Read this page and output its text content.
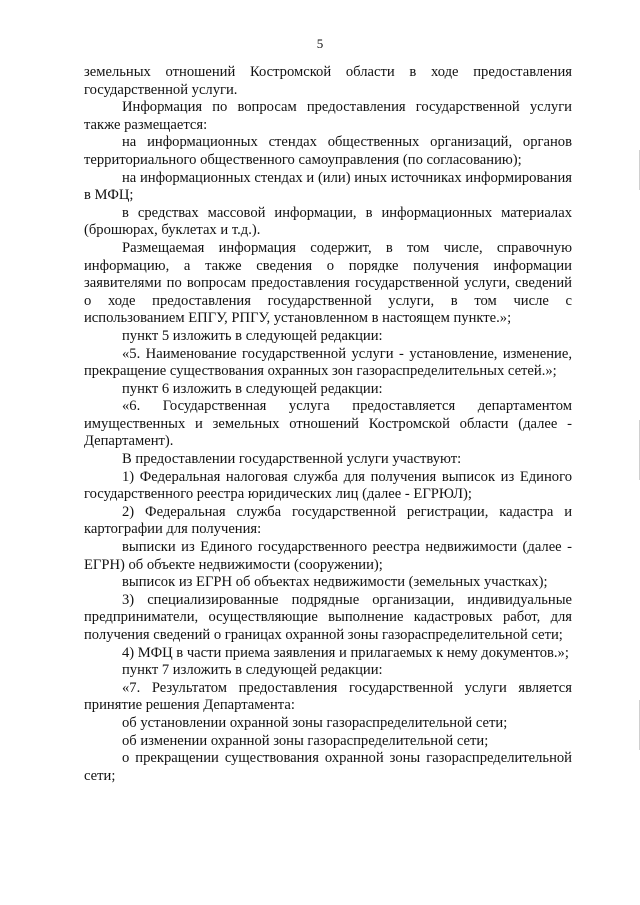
5

земельных отношений Костромской области в ходе предоставления государственной услуги.

Информация по вопросам предоставления государственной услуги также размещается:

на информационных стендах общественных организаций, органов территориального общественного самоуправления (по согласованию);

на информационных стендах и (или) иных источниках информирования в МФЦ;

в средствах массовой информации, в информационных материалах (брошюрах, буклетах и т.д.).

Размещаемая информация содержит, в том числе, справочную информацию, а также сведения о порядке получения информации заявителями по вопросам предоставления государственной услуги, сведений о ходе предоставления государственной услуги, в том числе с использованием ЕПГУ, РПГУ, установленном в настоящем пункте.»;

пункт 5 изложить в следующей редакции:

«5. Наименование государственной услуги - установление, изменение, прекращение существования охранных зон газораспределительных сетей.»;

пункт 6 изложить в следующей редакции:

«6. Государственная услуга предоставляется департаментом имущественных и земельных отношений Костромской области (далее - Департамент).

В предоставлении государственной услуги участвуют:

1) Федеральная налоговая служба для получения выписок из Единого государственного реестра юридических лиц (далее - ЕГРЮЛ);

2) Федеральная служба государственной регистрации, кадастра и картографии для получения:

выписки из Единого государственного реестра недвижимости (далее - ЕГРН) об объекте недвижимости (сооружении);

выписок из ЕГРН об объектах недвижимости (земельных участках);

3) специализированные подрядные организации, индивидуальные предприниматели, осуществляющие выполнение кадастровых работ, для получения сведений о границах охранной зоны газораспределительной сети;

4) МФЦ в части приема заявления и прилагаемых к нему документов.»;

пункт 7 изложить в следующей редакции:

«7. Результатом предоставления государственной услуги является принятие решения Департамента:

об установлении охранной зоны газораспределительной сети;

об изменении охранной зоны газораспределительной сети;

о прекращении существования охранной зоны газораспределительной сети;
